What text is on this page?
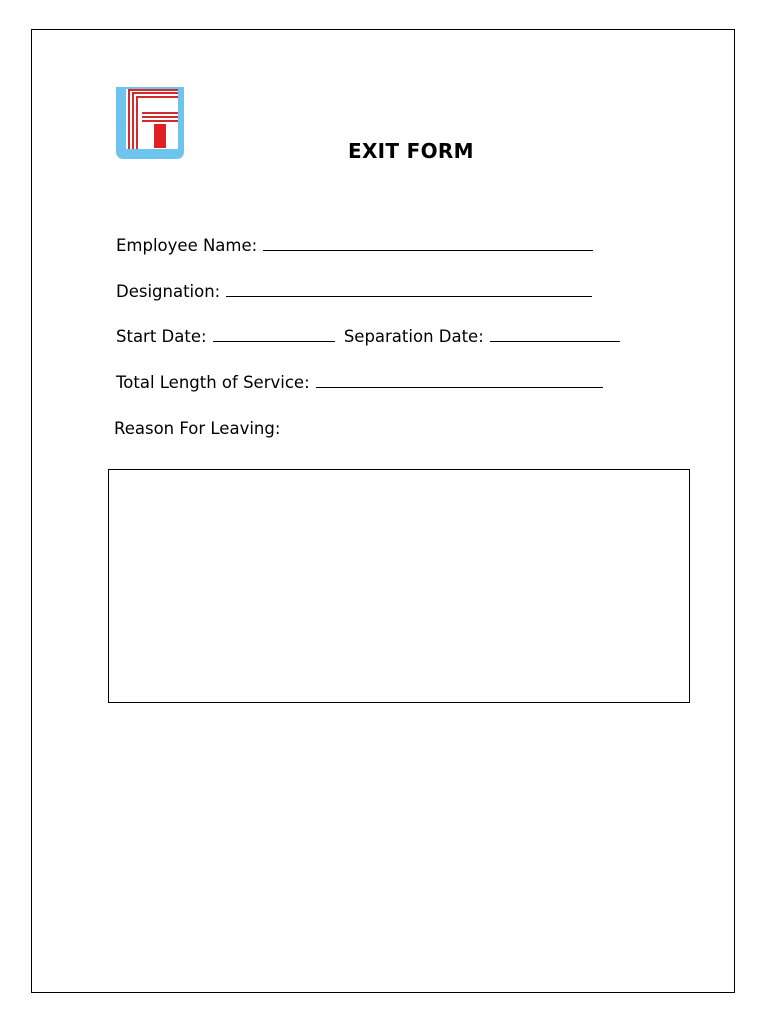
EXIT FORM
Employee Name:
Designation:
Start Date:	Separation Date:
Total Length of Service:
Reason For Leaving:
